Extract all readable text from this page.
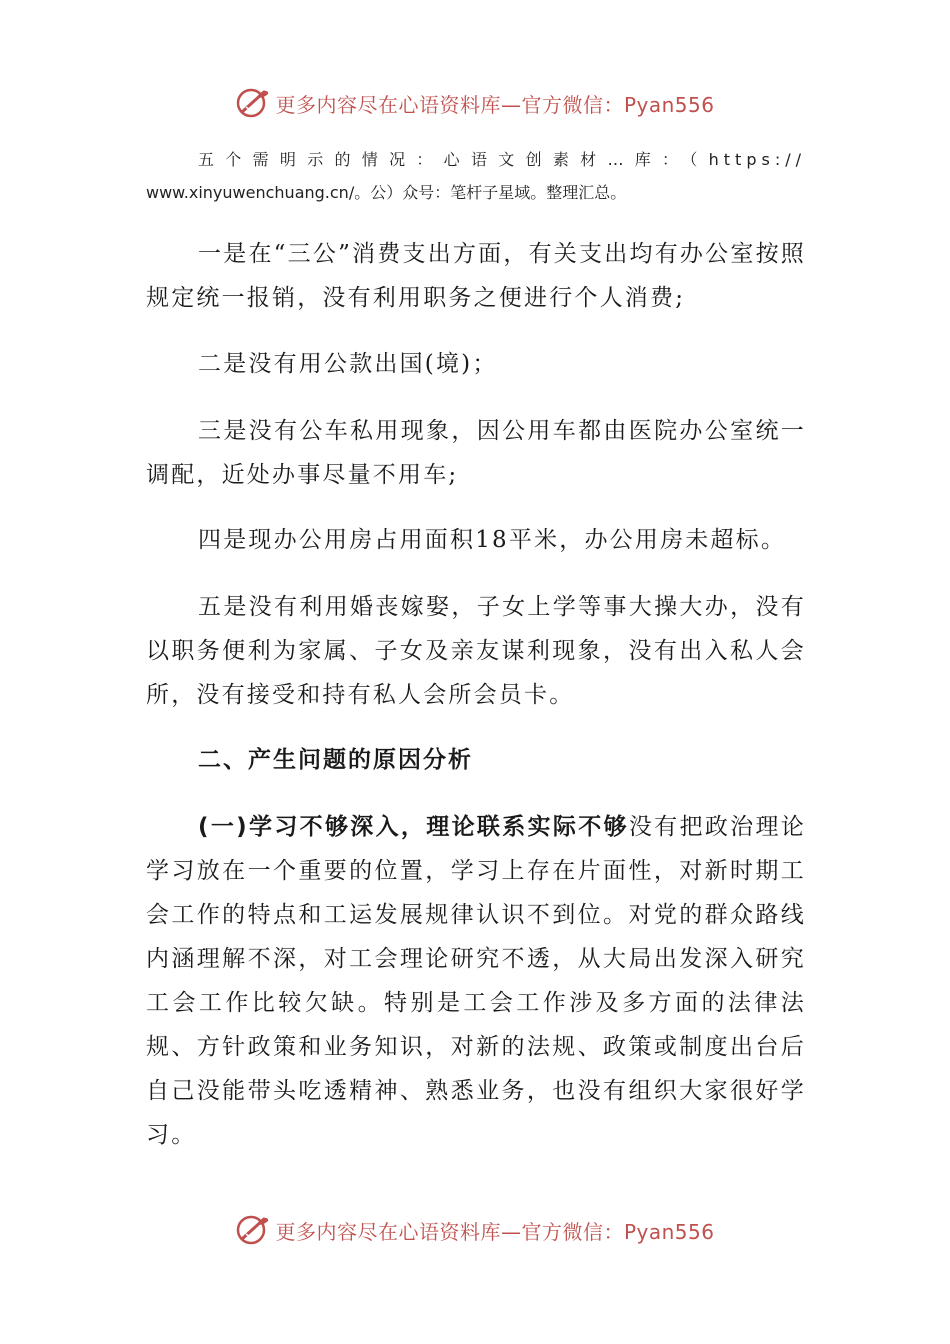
更多内容尽在心语资料库—官方微信：Pyan556
五个需明示的情况：心语文创素材…库：（https://
www.xinyuwenchuang.cn/。公）众号：笔杆子星域。整理汇总。

一是在“三公”消费支出方面，有关支出均有办公室按照规定统一报销，没有利用职务之便进行个人消费;

二是没有用公款出国(境)；

三是没有公车私用现象，因公用车都由医院办公室统一调配，近处办事尽量不用车;

四是现办公用房占用面积18平米，办公用房未超标。

五是没有利用婚丧嫁娶，子女上学等事大操大办，没有以职务便利为家属、子女及亲友谋利现象，没有出入私人会所，没有接受和持有私人会所会员卡。

二、产生问题的原因分析

(一)学习不够深入，理论联系实际不够没有把政治理论学习放在一个重要的位置，学习上存在片面性，对新时期工会工作的特点和工运发展规律认识不到位。对党的群众路线内涵理解不深，对工会理论研究不透，从大局出发深入研究工会工作比较欠缺。特别是工会工作涉及多方面的法律法规、方针政策和业务知识，对新的法规、政策或制度出台后自己没能带头吃透精神、熟悉业务，也没有组织大家很好学习。

更多内容尽在心语资料库—官方微信：Pyan556
